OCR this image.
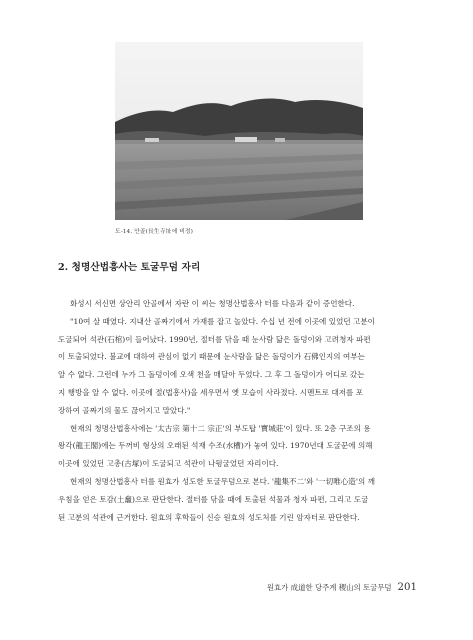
도-14. 안골(長生寺址에 비정)
2. 청명산법흥사는 토굴무덤 자리

화성시 서신면 상안리 안골에서 자란 이 씨는 청명산법흥사 터를 다음과 같이 증언한다.

"10여 살 때였다. 지내산 골짜기에서 가재를 잡고 놀았다. 수십 년 전에 이곳에 있었던 고분이

도굴되어 석관(石棺)이 들어났다. 1990년, 절터를 닦을 때 눈사람 닮은 돌덩이와 고려청자 파편

이 토출되었다. 불교에 대하여 관심이 없기 때문에 눈사람을 닮은 돌덩이가 石佛인지의 여부는

알 수 없다. 그런데 누가 그 돌덩이에 오색 천을 매달아 두었다. 그 후 그 돌덩이가 어디로 갔는

지 행방을 알 수 없다. 이곳에 절(법흥사)을 세우면서 옛 모습이 사라졌다. 시멘트로 대저를 포

장하여 골짜기의 물도 끊어지고 말았다."

현재의 청명산법흥사에는 '太古宗 第十二 宗正'의 부도탑 '寶城莊'이 있다. 또 2층 구조의 용

왕각(龍王閣)에는 두꺼비 형상의 오래된 석재 수조(水槽)가 놓여 있다. 1970년대 도굴꾼에 의해

이곳에 있었던 고총(古塚)이 도굴되고 석관이 나뒹굴었던 자리이다.

현재의 청명산법흥사 터를 원효가 성도한 토굴무덤으로 본다. '龍集不二'와 '一切唯心造'의 깨

우침을 얻은 토감(土龕)으로 판단한다. 절터를 닦을 때에 토출된 석물과 청자 파편, 그리고 도굴

된 고분의 석관에 근거한다. 원효의 후학들이 신승 원효의 성도처를 기린 암자터로 판단한다.

원효가 成道한 당주계 稷山의 토굴무덤 201
